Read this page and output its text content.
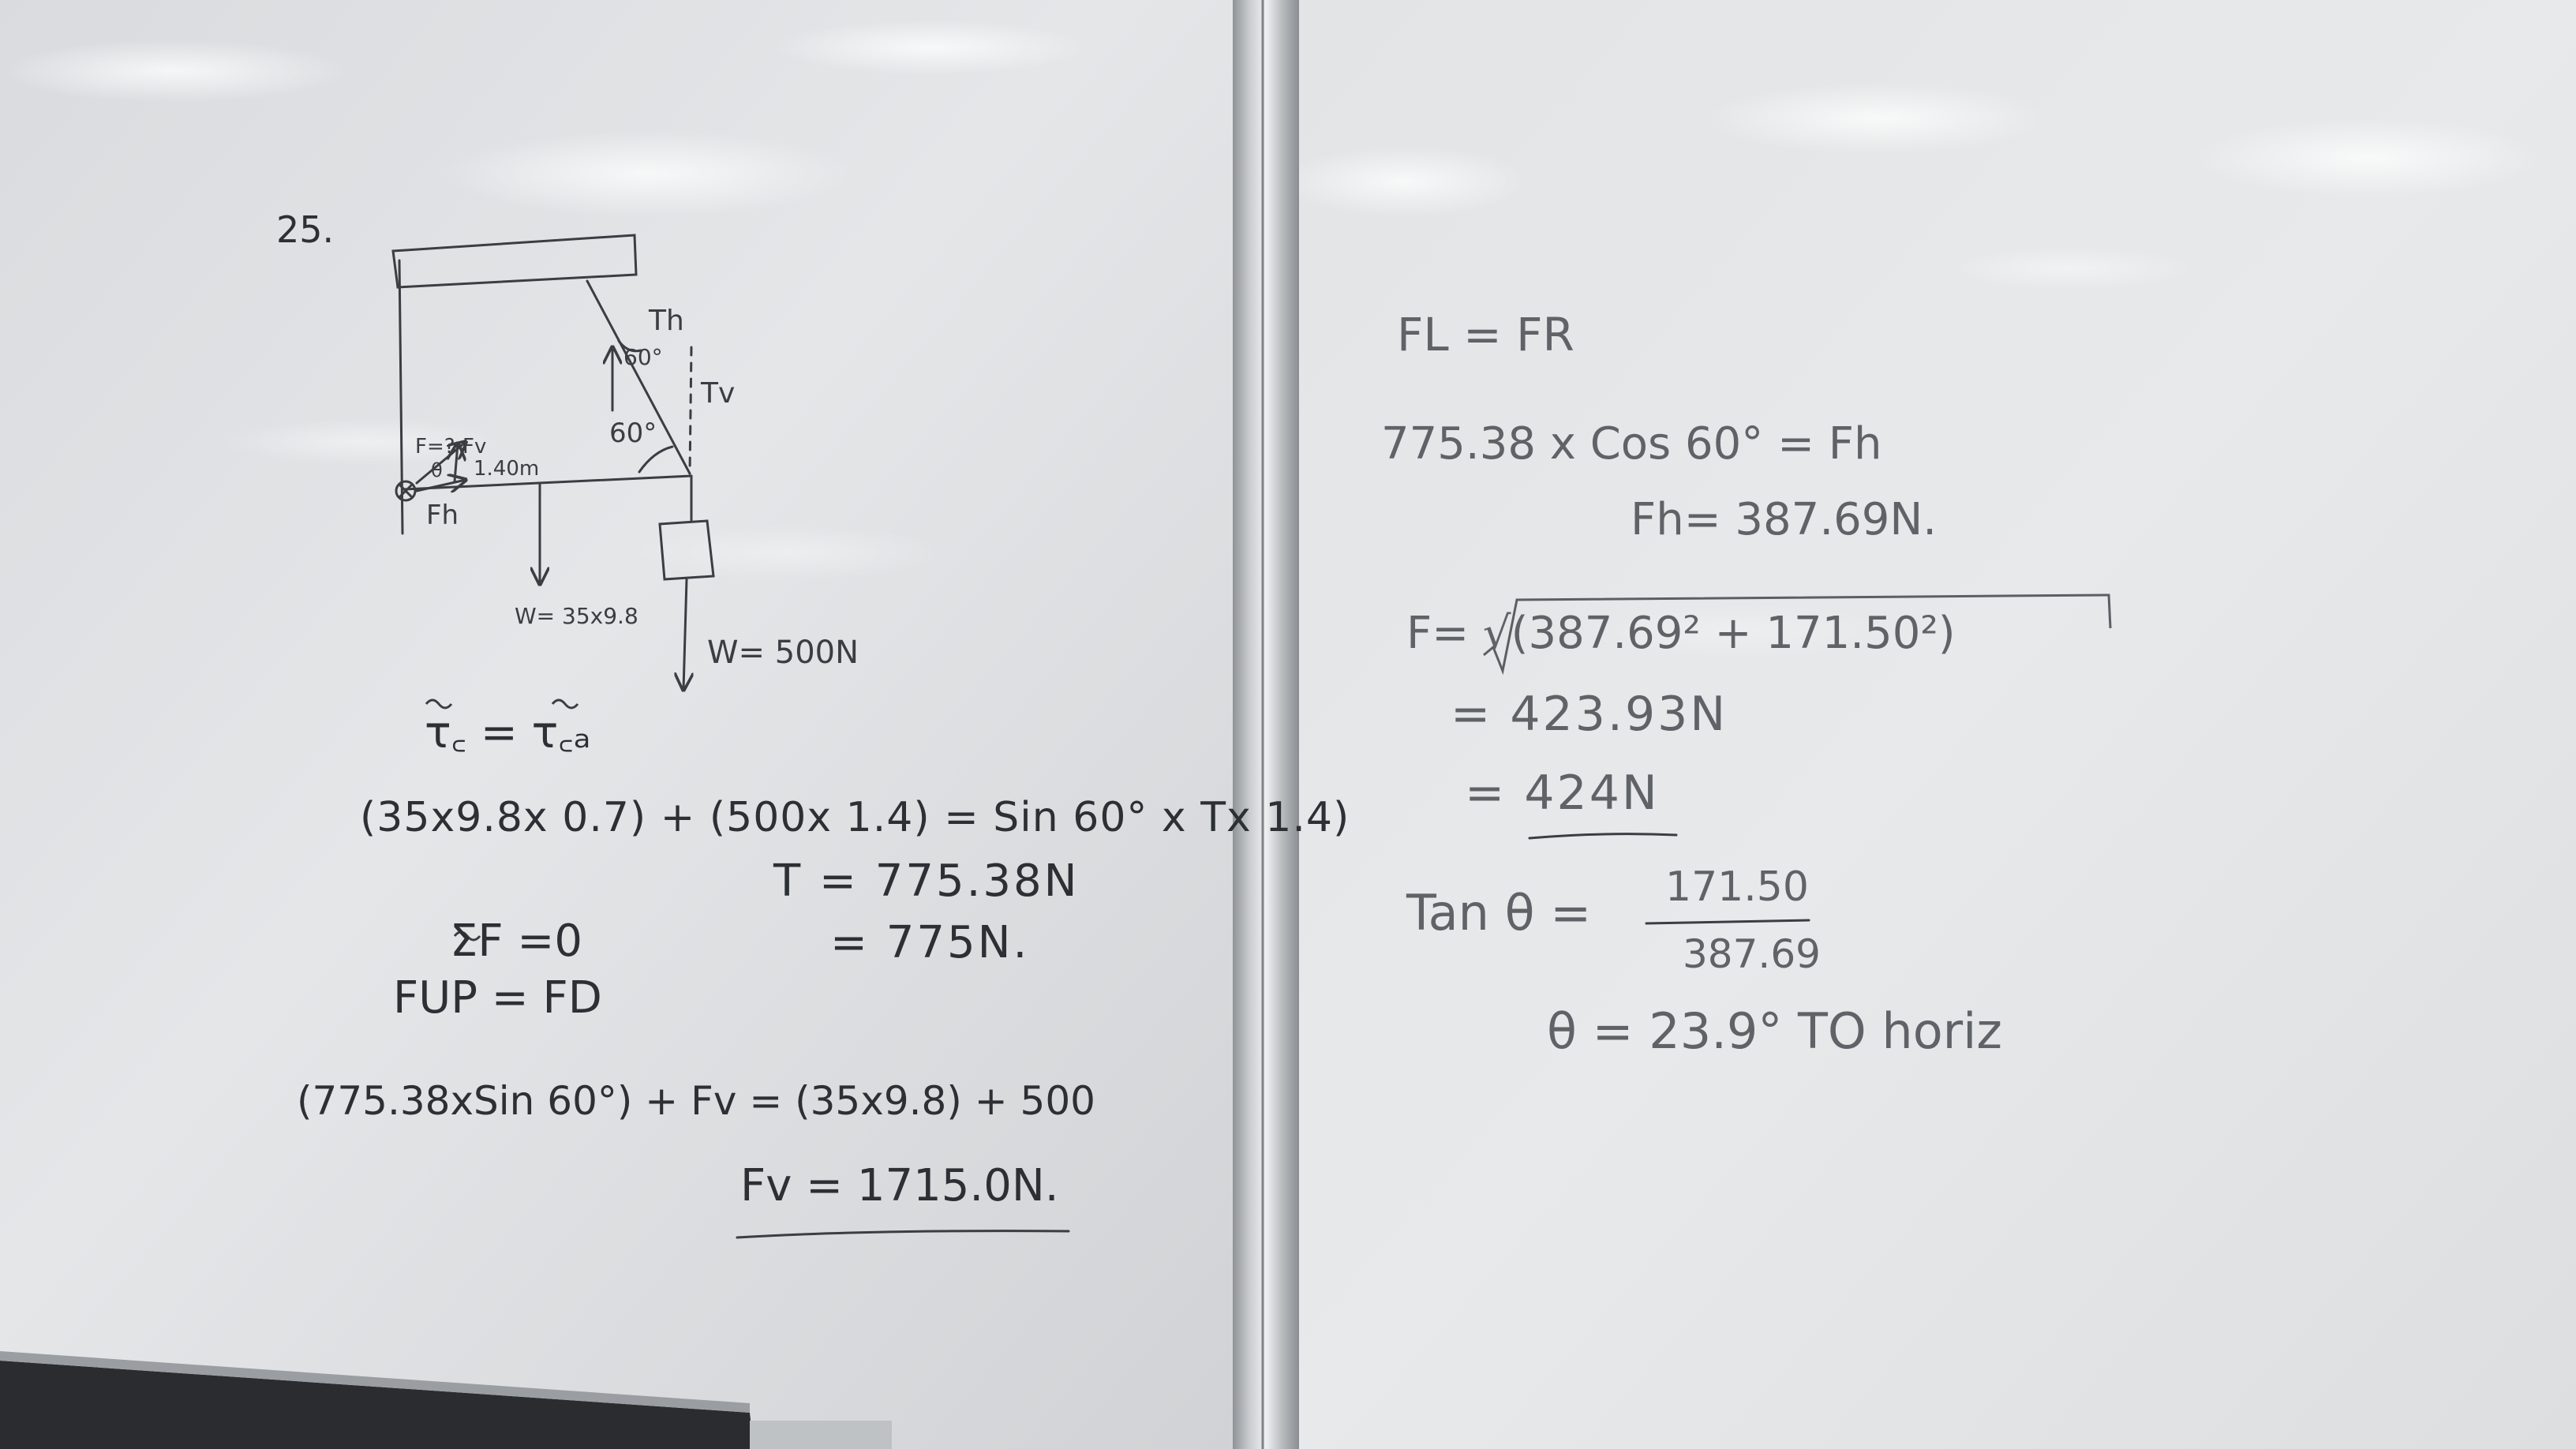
Th
Tv
60°
60°
F=? Fv
θ 1.40m
Fh
W= 35x9.8
W= 500N
25.
τ꜀ = τ꜀ₐ
(35x9.8x 0.7) + (500x 1.4) = Sin 60° x Tx 1.4)
T = 775.38N
= 775N.
ΣF =0
FUP = FD
(775.38xSin 60°) + Fv = (35x9.8) + 500
Fv = 1715.0N.
FL = FR
775.38 x Cos 60° = Fh
Fh= 387.69N.
F= √(387.69² + 171.50²)
= 423.93N
= 424N
Tan θ = 171.50
387.69
θ = 23.9° TO horiz
